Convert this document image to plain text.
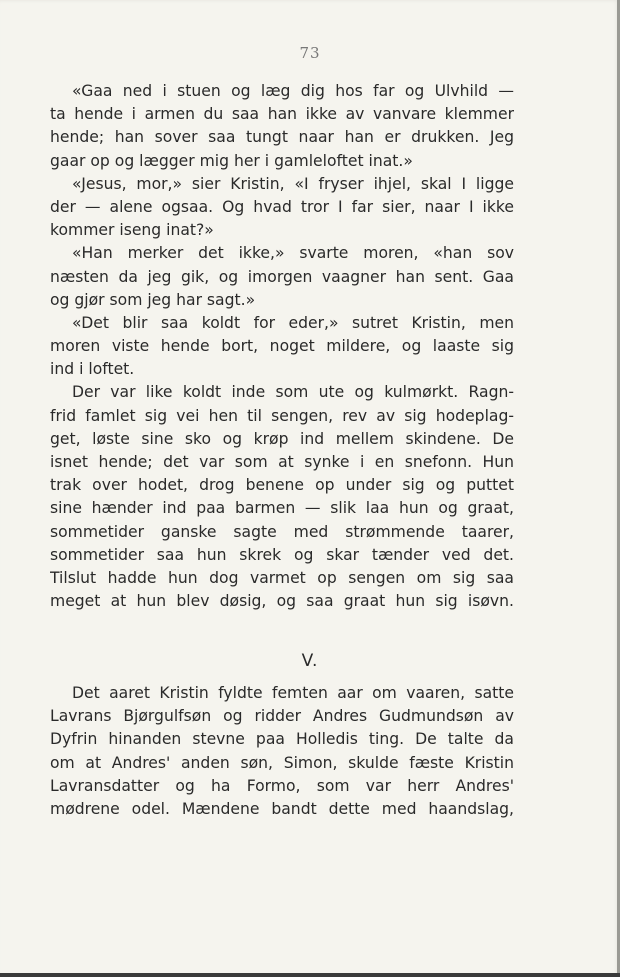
73
«Gaa ned i stuen og læg dig hos far og Ulvhild —
ta hende i armen du saa han ikke av vanvare klemmer
hende; han sover saa tungt naar han er drukken. Jeg
gaar op og lægger mig her i gamleloftet inat.»
«Jesus, mor,» sier Kristin, «I fryser ihjel, skal I ligge
der — alene ogsaa. Og hvad tror I far sier, naar I ikke
kommer iseng inat?»
«Han merker det ikke,» svarte moren, «han sov
næsten da jeg gik, og imorgen vaagner han sent. Gaa
og gjør som jeg har sagt.»
«Det blir saa koldt for eder,» sutret Kristin, men
moren viste hende bort, noget mildere, og laaste sig
ind i loftet.
Der var like koldt inde som ute og kulmørkt. Ragn-
frid famlet sig vei hen til sengen, rev av sig hodeplag-
get, løste sine sko og krøp ind mellem skindene. De
isnet hende; det var som at synke i en snefonn. Hun
trak over hodet, drog benene op under sig og puttet
sine hænder ind paa barmen — slik laa hun og graat,
sommetider ganske sagte med strømmende taarer,
sommetider saa hun skrek og skar tænder ved det.
Tilslut hadde hun dog varmet op sengen om sig saa
meget at hun blev døsig, og saa graat hun sig isøvn.
V.
Det aaret Kristin fyldte femten aar om vaaren, satte
Lavrans Bjørgulfsøn og ridder Andres Gudmundsøn av
Dyfrin hinanden stevne paa Holledis ting. De talte da
om at Andres' anden søn, Simon, skulde fæste Kristin
Lavransdatter og ha Formo, som var herr Andres'
mødrene odel. Mændene bandt dette med haandslag,
